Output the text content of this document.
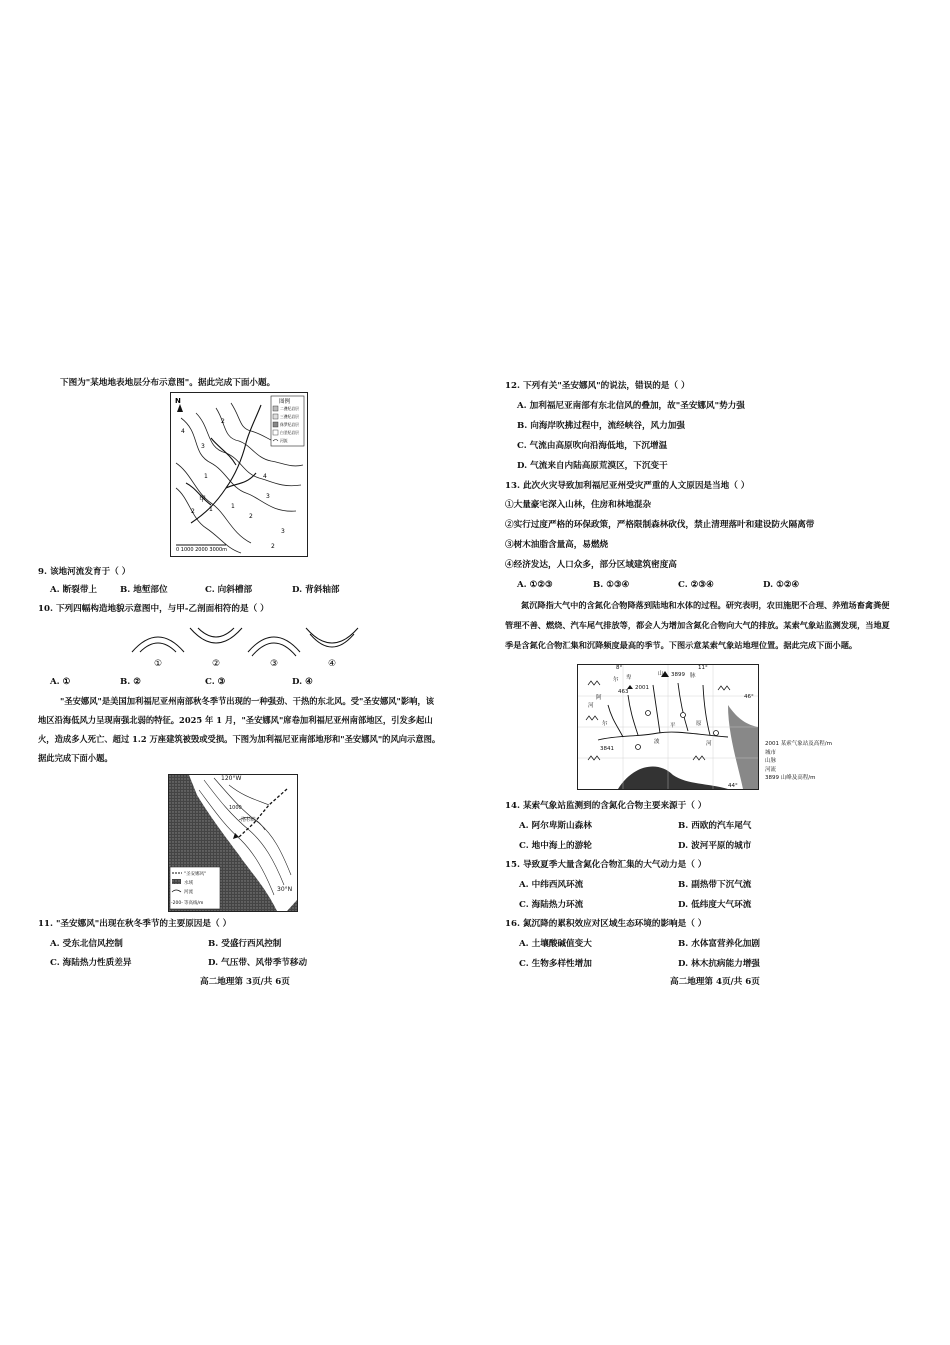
下图为"某地地表地层分布示意图"。据此完成下面小题。
N
4
3
2
1
1
2
3
4
1
2
3
2
甲
0 1000 2000 3000m
图例
二叠纪岩层
三叠纪岩层
侏罗纪岩层
白垩纪岩层
河流
9. 该地河流发育于（ ）
A. 断裂带上	B. 地堑部位	C. 向斜槽部	D. 背斜轴部
10. 下列四幅构造地貌示意图中，与甲-乙剖面相符的是（ ）
①	②	③	④
A. ①	B. ②	C. ③	D. ④
"圣安娜风"是美国加利福尼亚州南部秋冬季节出现的一种强劲、干热的东北风。受"圣安娜风"影响，该
地区沿海低风力呈现南强北弱的特征。2025 年 1 月，"圣安娜风"席卷加利福尼亚州南部地区，引发多起山
火，造成多人死亡、超过 1.2 万座建筑被毁或受损。下图为加利福尼亚南部地形和"圣安娜风"的风向示意图。
据此完成下面小题。
120°W
30°N
1000
洛杉矶
"圣安娜风"
水域
河流
-200- 等高线/m
11. "圣安娜风"出现在秋冬季节的主要原因是（ ）
A. 受东北信风控制	B. 受盛行西风控制
C. 海陆热力性质差异	D. 气压带、风带季节移动
高二地理第 3页/共 6页
12. 下列有关"圣安娜风"的说法，错误的是（ ）
A. 加利福尼亚南部有东北信风的叠加，故"圣安娜风"势力强
B. 向海岸吹拂过程中，流经峡谷，风力加强
C. 气流由高原吹向沿海低地，下沉增温
D. 气流来自内陆高原荒漠区，下沉变干
13. 此次火灾导致加利福尼亚州受灾严重的人文原因是当地（ ）
①大量豪宅深入山林，住房和林地混杂
②实行过度严格的环保政策，严格限制森林砍伐，禁止清理落叶和建设防火隔离带
③树木油脂含量高，易燃烧
④经济发达，人口众多，部分区域建筑密度高
A. ①②③	B. ①③④	C. ②③④	D. ①②④
氮沉降指大气中的含氮化合物降落到陆地和水体的过程。研究表明，农田施肥不合理、养殖场畜禽粪便
管理不善、燃烧、汽车尾气排放等，都会人为增加含氮化合物向大气的排放。某索气象站监测发现，当地夏
季是含氮化合物汇集和沉降频度最高的季节。下图示意某索气象站地理位置。据此完成下面小题。
8°	11°
46°
44°
3899
2001
463
3841
尔 卑
山	脉
河
波
阿
平	原
尔
河	2001 某索气象站及高程/m
城市
山脉
河流
3899 山峰及高程/m
14. 某索气象站监测到的含氮化合物主要来源于（ ）
A. 阿尔卑斯山森林	B. 西欧的汽车尾气
C. 地中海上的游轮	D. 波河平原的城市
15. 导致夏季大量含氮化合物汇集的大气动力是（ ）
A. 中纬西风环流	B. 副热带下沉气流
C. 海陆热力环流	D. 低纬度大气环流
16. 氮沉降的累积效应对区域生态环境的影响是（ ）
A. 土壤酸碱值变大	B. 水体富营养化加剧
C. 生物多样性增加	D. 林木抗病能力增强
高二地理第 4页/共 6页
